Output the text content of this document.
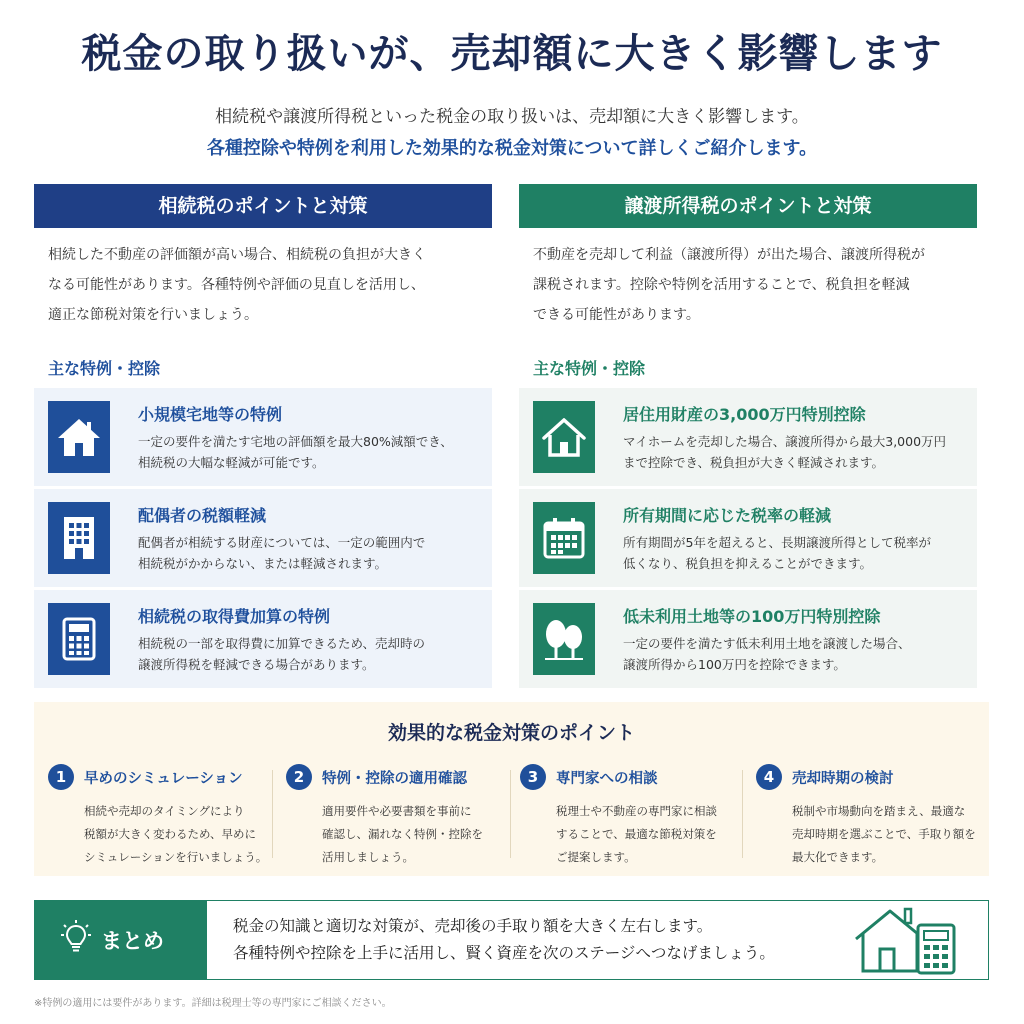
税金の取り扱いが、売却額に大きく影響します
相続税や譲渡所得税といった税金の取り扱いは、売却額に大きく影響します。
各種控除や特例を利用した効果的な税金対策について詳しくご紹介します。
相続税のポイントと対策
相続した不動産の評価額が高い場合、相続税の負担が大きく
なる可能性があります。各種特例や評価の見直しを活用し、
適正な節税対策を行いましょう。
主な特例・控除
小規模宅地等の特例
一定の要件を満たす宅地の評価額を最大80%減額でき、
相続税の大幅な軽減が可能です。
配偶者の税額軽減
配偶者が相続する財産については、一定の範囲内で
相続税がかからない、または軽減されます。
相続税の取得費加算の特例
相続税の一部を取得費に加算できるため、売却時の
譲渡所得税を軽減できる場合があります。
譲渡所得税のポイントと対策
不動産を売却して利益（譲渡所得）が出た場合、譲渡所得税が
課税されます。控除や特例を活用することで、税負担を軽減
できる可能性があります。
主な特例・控除
居住用財産の3,000万円特別控除
マイホームを売却した場合、譲渡所得から最大3,000万円
まで控除でき、税負担が大きく軽減されます。
所有期間に応じた税率の軽減
所有期間が5年を超えると、長期譲渡所得として税率が
低くなり、税負担を抑えることができます。
低未利用土地等の100万円特別控除
一定の要件を満たす低未利用土地を譲渡した場合、
譲渡所得から100万円を控除できます。
効果的な税金対策のポイント
1	早めのシミュレーション
相続や売却のタイミングにより
税額が大きく変わるため、早めに
シミュレーションを行いましょう。
2	特例・控除の適用確認
適用要件や必要書類を事前に
確認し、漏れなく特例・控除を
活用しましょう。
3	専門家への相談
税理士や不動産の専門家に相談
することで、最適な節税対策を
ご提案します。
4	売却時期の検討
税制や市場動向を踏まえ、最適な
売却時期を選ぶことで、手取り額を
最大化できます。
まとめ
税金の知識と適切な対策が、売却後の手取り額を大きく左右します。
各種特例や控除を上手に活用し、賢く資産を次のステージへつなげましょう。
※特例の適用には要件があります。詳細は税理士等の専門家にご相談ください。
